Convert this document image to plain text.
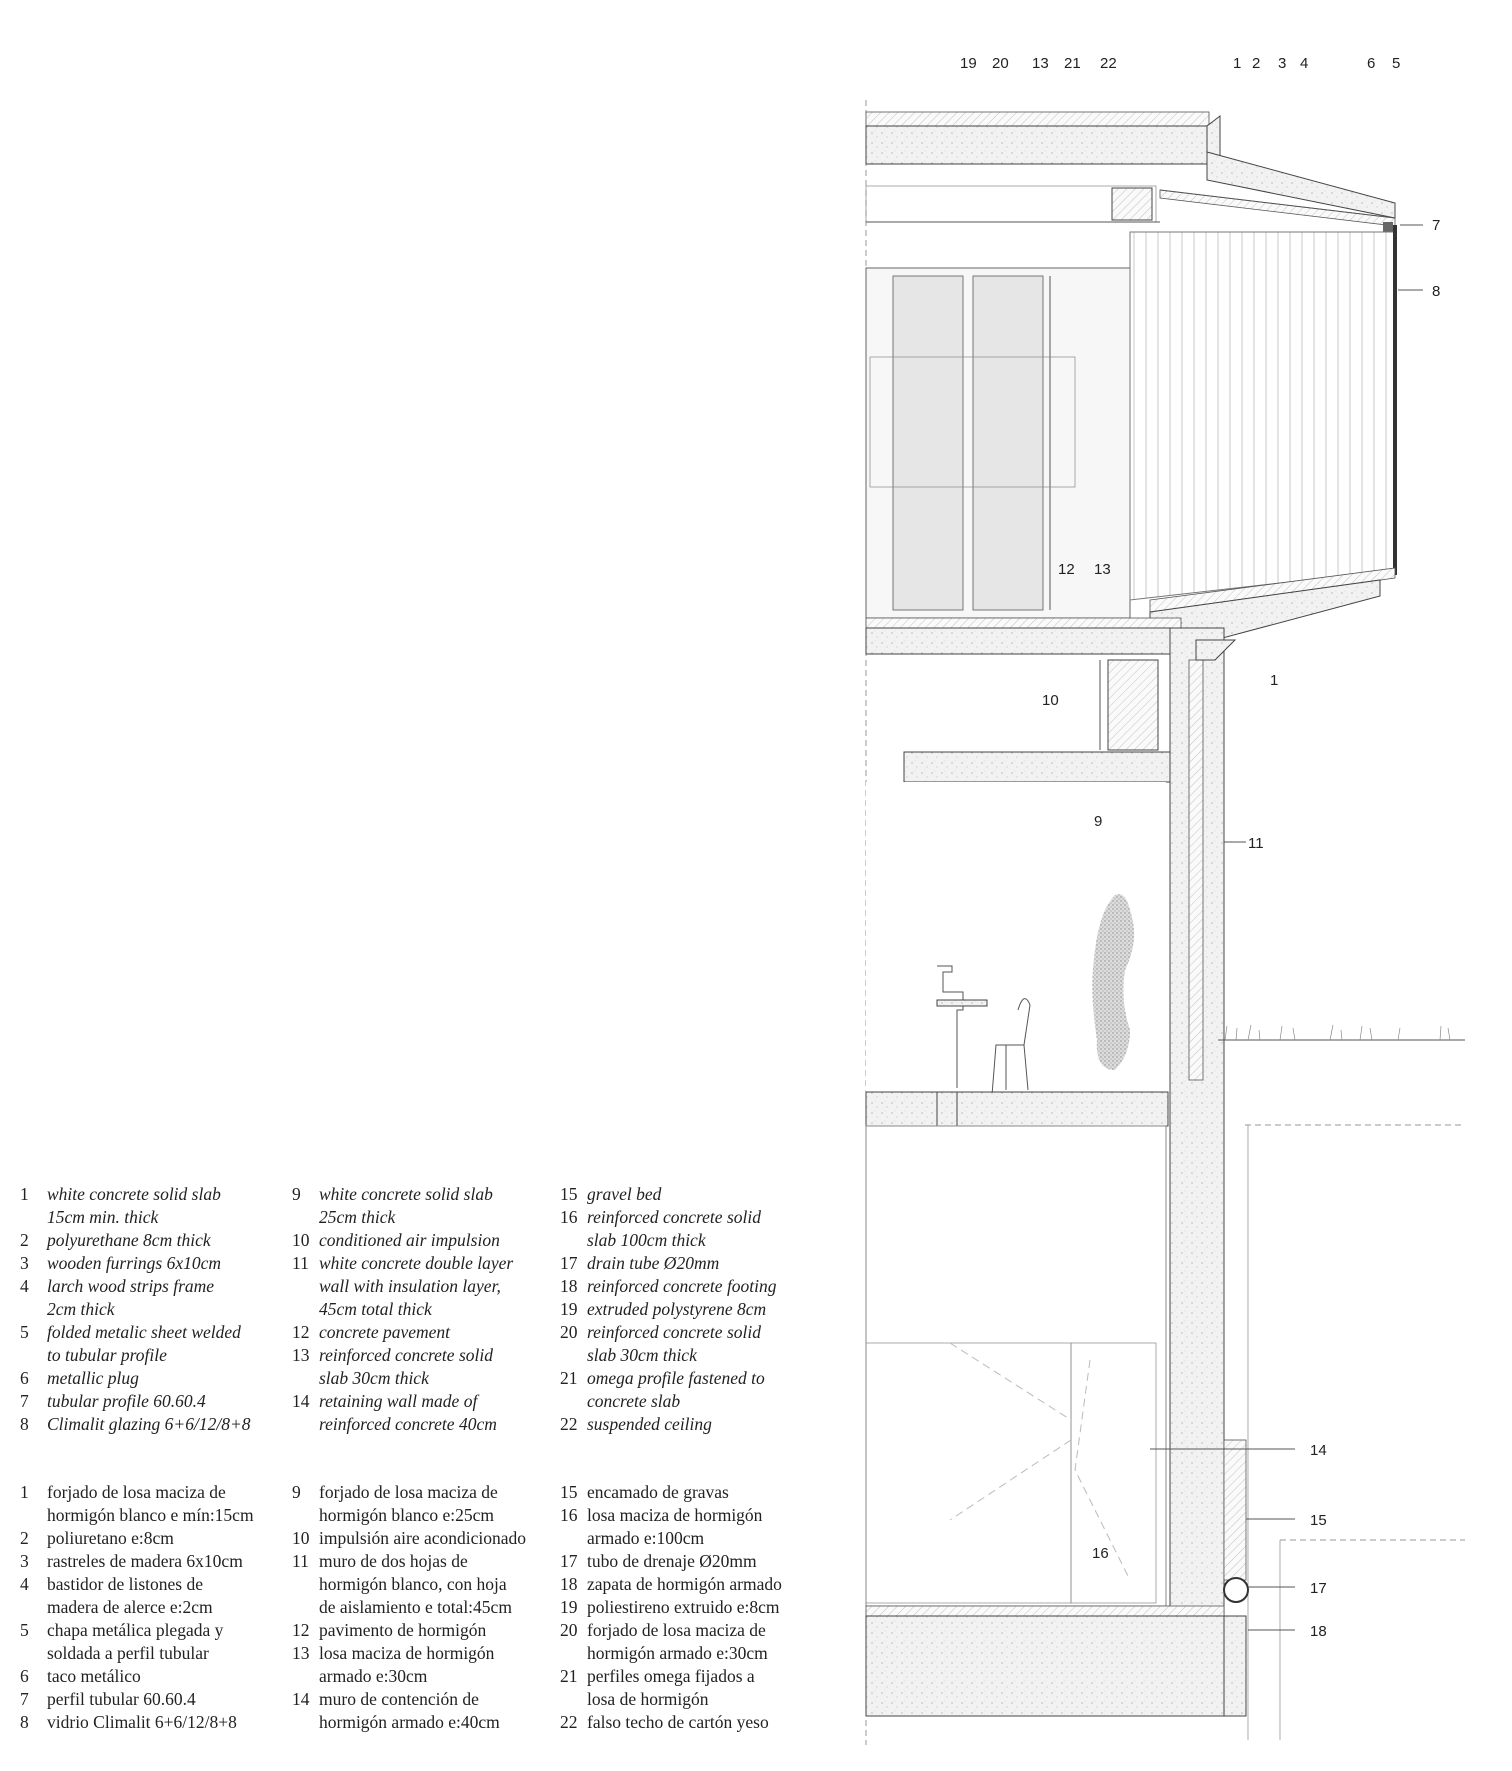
19 20 13 21 22	1 2 3 4	6 5
7
8
12 13
1
10
9
11
14
15
16
17
18
1	white concrete solid slab
15cm min. thick
2	polyurethane 8cm thick
3	wooden furrings 6x10cm
4	larch wood strips frame
2cm thick
5	folded metalic sheet welded
to tubular profile
6	metallic plug
7	tubular profile 60.60.4
8	Climalit glazing 6+6/12/8+8
9	white concrete solid slab
25cm thick
10 conditioned air impulsion
11 white concrete double layer
wall with insulation layer,
45cm total thick
12 concrete pavement
13 reinforced concrete solid
slab 30cm thick
14 retaining wall made of
reinforced concrete 40cm
15 gravel bed
16 reinforced concrete solid
slab 100cm thick
17 drain tube Ø20mm
18 reinforced concrete footing
19 extruded polystyrene 8cm
20 reinforced concrete solid
slab 30cm thick
21 omega profile fastened to
concrete slab
22 suspended ceiling
1	forjado de losa maciza de
hormigón blanco e mín:15cm
2	poliuretano e:8cm
3	rastreles de madera 6x10cm
4	bastidor de listones de
madera de alerce e:2cm
5	chapa metálica plegada y
soldada a perfil tubular
6	taco metálico
7	perfil tubular 60.60.4
8	vidrio Climalit 6+6/12/8+8
9	forjado de losa maciza de
hormigón blanco e:25cm
10 impulsión aire acondicionado
11 muro de dos hojas de
hormigón blanco, con hoja
de aislamiento e total:45cm
12 pavimento de hormigón
13 losa maciza de hormigón
armado e:30cm
14 muro de contención de
hormigón armado e:40cm
15 encamado de gravas
16 losa maciza de hormigón
armado e:100cm
17 tubo de drenaje Ø20mm
18 zapata de hormigón armado
19 poliestireno extruido e:8cm
20 forjado de losa maciza de
hormigón armado e:30cm
21 perfiles omega fijados a
losa de hormigón
22 falso techo de cartón yeso
